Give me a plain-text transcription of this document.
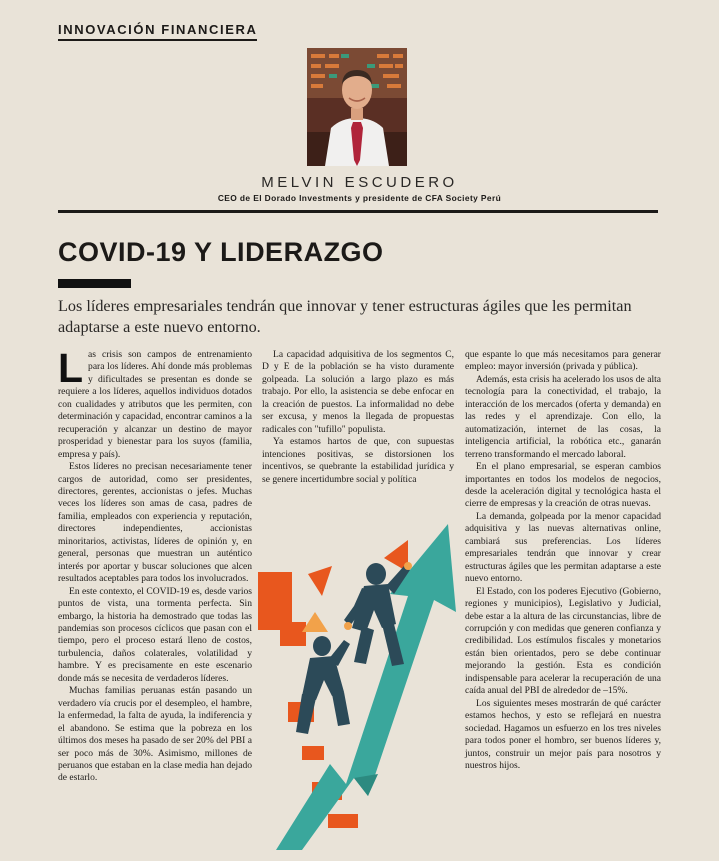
INNOVACIÓN FINANCIERA
MELVIN ESCUDERO
CEO de El Dorado Investments y presidente de CFA Society Perú
COVID-19 Y LIDERAZGO

Los líderes empresariales tendrán que innovar y tener estructuras ágiles que les permitan adaptarse a este nuevo entorno.

Las crisis son campos de entrenamiento para los líderes. Ahí donde más problemas y dificultades se presentan es donde se requiere a los líderes, aquellos individuos dotados con cualidades y atributos que les permiten, con determinación y capacidad, encontrar caminos a la recuperación y alcanzar un destino de mayor prosperidad y bienestar para los suyos (familia, empresa y país).

Estos líderes no precisan necesariamente tener cargos de autoridad, como ser presidentes, directores, gerentes, accionistas o jefes. Muchas veces los líderes son amas de casa, padres de familia, empleados con experiencia y reputación, directores independientes, accionistas minoritarios, activistas, líderes de opinión y, en general, personas que muestran un auténtico interés por aportar y buscar soluciones que alcen resultados aceptables para todos los involucrados.

En este contexto, el COVID-19 es, desde varios puntos de vista, una tormenta perfecta. Sin embargo, la historia ha demostrado que todas las pandemias son procesos cíclicos que pasan con el tiempo, pero el proceso estará lleno de costos, turbulencia, daños colaterales, volatilidad y hambre. Y es precisamente en este escenario donde más se necesita de verdaderos líderes.

Muchas familias peruanas están pasando un verdadero vía crucis por el desempleo, el hambre, la enfermedad, la falta de ayuda, la indiferencia y el abandono. Se estima que la pobreza en los últimos dos meses ha pasado de ser 20% del PBI a ser poco más de 30%. Asimismo, millones de peruanos que estaban en la clase media han dejado de estarlo.

La capacidad adquisitiva de los segmentos C, D y E de la población se ha visto duramente golpeada. La solución a largo plazo es más trabajo. Por ello, la asistencia se debe enfocar en la creación de puestos. La informalidad no debe ser excusa, y menos la llegada de propuestas radicales con "tufillo" populista.

Ya estamos hartos de que, con supuestas intenciones positivas, se distorsionen los incentivos, se quebrante la estabilidad jurídica y se genere incertidumbre social y política

que espante lo que más necesitamos para generar empleo: mayor inversión (privada y pública).

Además, esta crisis ha acelerado los usos de alta tecnología para la conectividad, el trabajo, la interacción de los mercados (oferta y demanda) en las redes y el aprendizaje. Con ello, la automatización, internet de las cosas, la inteligencia artificial, la robótica etc., ganarán terreno transformando el mercado laboral.

En el plano empresarial, se esperan cambios importantes en todos los modelos de negocios, desde la aceleración digital y tecnológica hasta el cierre de empresas y la creación de otras nuevas.

La demanda, golpeada por la menor capacidad adquisitiva y las nuevas alternativas online, cambiará sus preferencias. Los líderes empresariales tendrán que innovar y crear estructuras ágiles que les permitan adaptarse a este nuevo entorno.

El Estado, con los poderes Ejecutivo (Gobierno, regiones y municipios), Legislativo y Judicial, debe estar a la altura de las circunstancias, libre de corrupción y con medidas que generen confianza y credibilidad. Los estímulos fiscales y monetarios están bien orientados, pero se debe continuar mejorando la gestión. Esta es condición indispensable para acelerar la recuperación de una caída anual del PBI de alrededor de –15%.

Los siguientes meses mostrarán de qué carácter estamos hechos, y esto se reflejará en nuestra sociedad. Hagamos un esfuerzo en los tres niveles para todos poner el hombro, ser buenos líderes y, juntos, construir un mejor país para nosotros y nuestros hijos.
